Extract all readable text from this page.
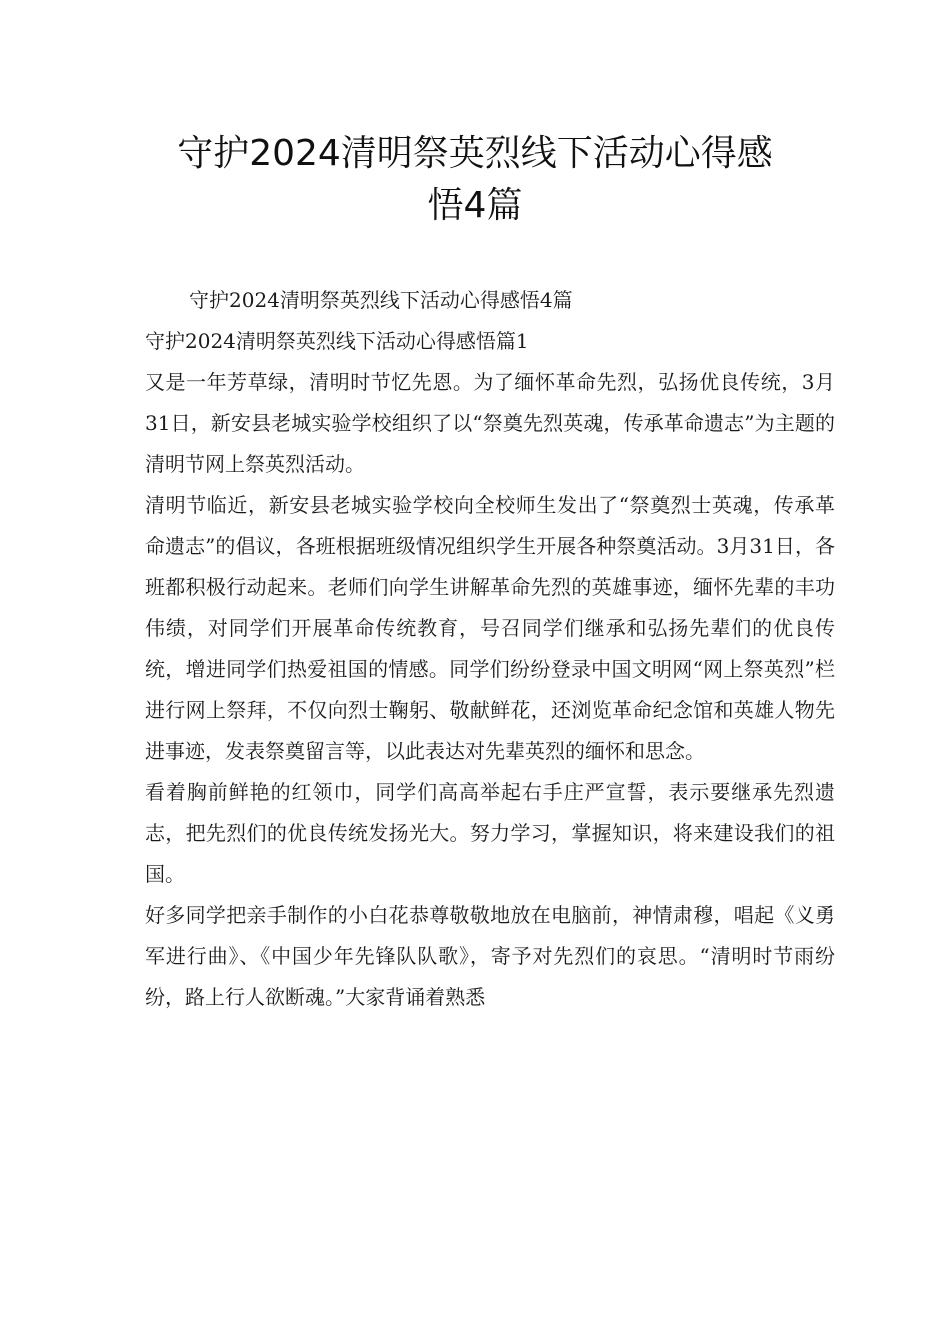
守护2024清明祭英烈线下活动心得感
悟4篇

守护2024清明祭英烈线下活动心得感悟4篇

守护2024清明祭英烈线下活动心得感悟篇1

又是一年芳草绿，清明时节忆先恩。为了缅怀革命先烈，弘扬优良传统，3月31日，新安县老城实验学校组织了以“祭奠先烈英魂，传承革命遗志”为主题的清明节网上祭英烈活动。

清明节临近，新安县老城实验学校向全校师生发出了“祭奠烈士英魂，传承革命遗志”的倡议，各班根据班级情况组织学生开展各种祭奠活动。3月31日，各班都积极行动起来。老师们向学生讲解革命先烈的英雄事迹，缅怀先辈的丰功伟绩，对同学们开展革命传统教育，号召同学们继承和弘扬先辈们的优良传统，增进同学们热爱祖国的情感。同学们纷纷登录中国文明网“网上祭英烈”栏进行网上祭拜，不仅向烈士鞠躬、敬献鲜花，还浏览革命纪念馆和英雄人物先进事迹，发表祭奠留言等，以此表达对先辈英烈的缅怀和思念。

看着胸前鲜艳的红领巾，同学们高高举起右手庄严宣誓，表示要继承先烈遗志，把先烈们的优良传统发扬光大。努力学习，掌握知识，将来建设我们的祖国。

好多同学把亲手制作的小白花恭尊敬敬地放在电脑前，神情肃穆，唱起《义勇军进行曲》、《中国少年先锋队队歌》，寄予对先烈们的哀思。“清明时节雨纷纷，路上行人欲断魂。”大家背诵着熟悉
